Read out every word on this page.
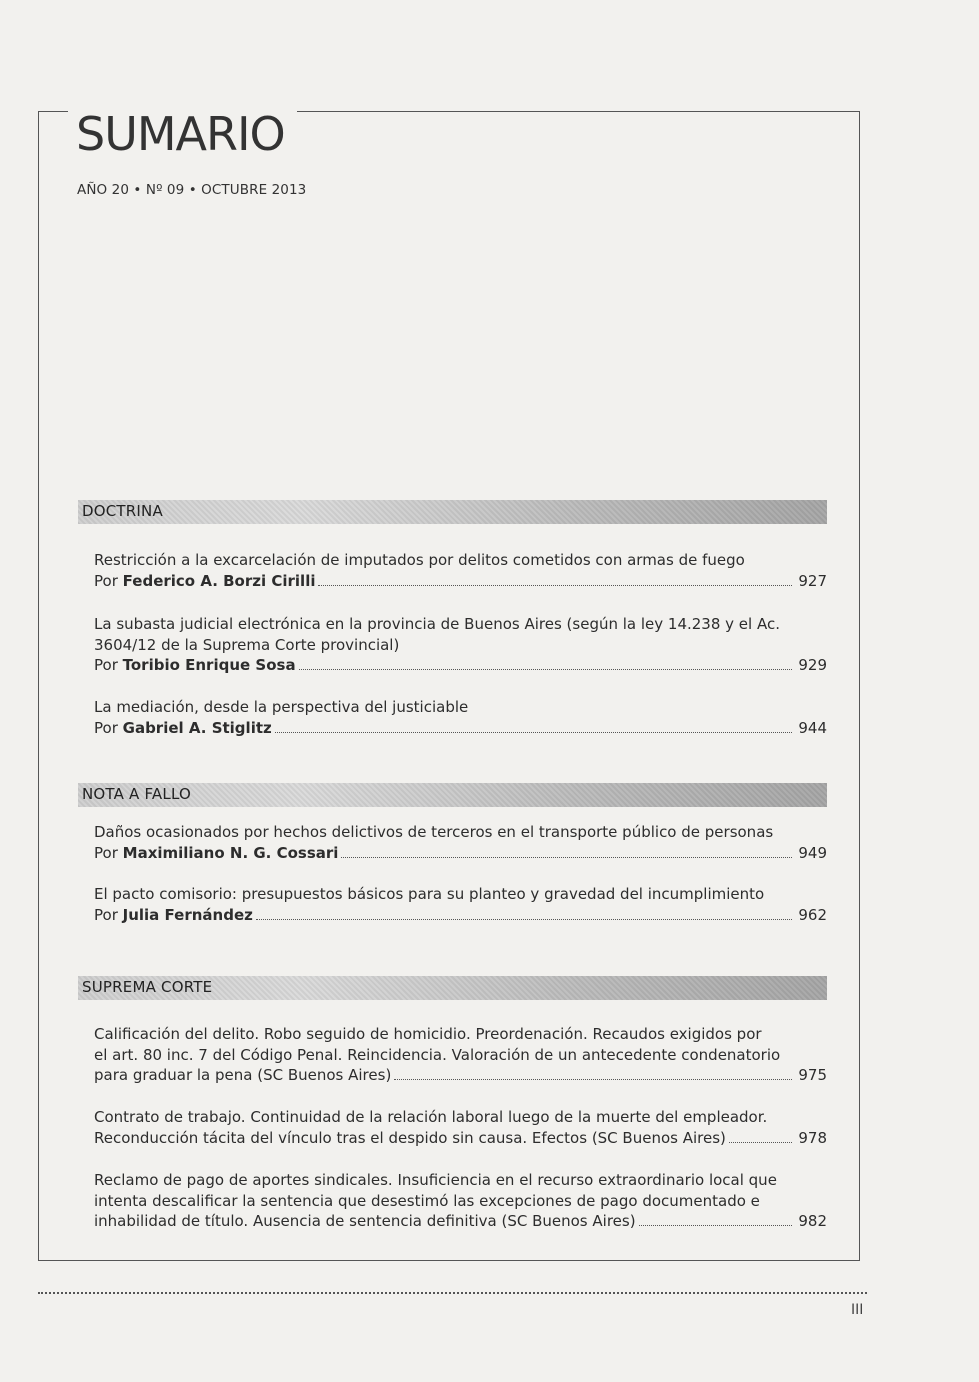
SUMARIO
AÑO 20 • Nº 09 • OCTUBRE 2013
DOCTRINA
Restricción a la excarcelación de imputados por delitos cometidos con armas de fuego
Por Federico A. Borzi Cirilli	927
La subasta judicial electrónica en la provincia de Buenos Aires (según la ley 14.238 y el Ac.
3604/12 de la Suprema Corte provincial)
Por Toribio Enrique Sosa	929
La mediación, desde la perspectiva del justiciable
Por Gabriel A. Stiglitz	944
NOTA A FALLO
Daños ocasionados por hechos delictivos de terceros en el transporte público de personas
Por Maximiliano N. G. Cossari	949
El pacto comisorio: presupuestos básicos para su planteo y gravedad del incumplimiento
Por Julia Fernández	962
SUPREMA CORTE
Calificación del delito. Robo seguido de homicidio. Preordenación. Recaudos exigidos por
el art. 80 inc. 7 del Código Penal. Reincidencia. Valoración de un antecedente condenatorio
para graduar la pena (SC Buenos Aires)	975
Contrato de trabajo. Continuidad de la relación laboral luego de la muerte del empleador.
Reconducción tácita del vínculo tras el despido sin causa. Efectos (SC Buenos Aires)	978
Reclamo de pago de aportes sindicales. Insuficiencia en el recurso extraordinario local que
intenta descalificar la sentencia que desestimó las excepciones de pago documentado e
inhabilidad de título. Ausencia de sentencia definitiva (SC Buenos Aires)	982
III
